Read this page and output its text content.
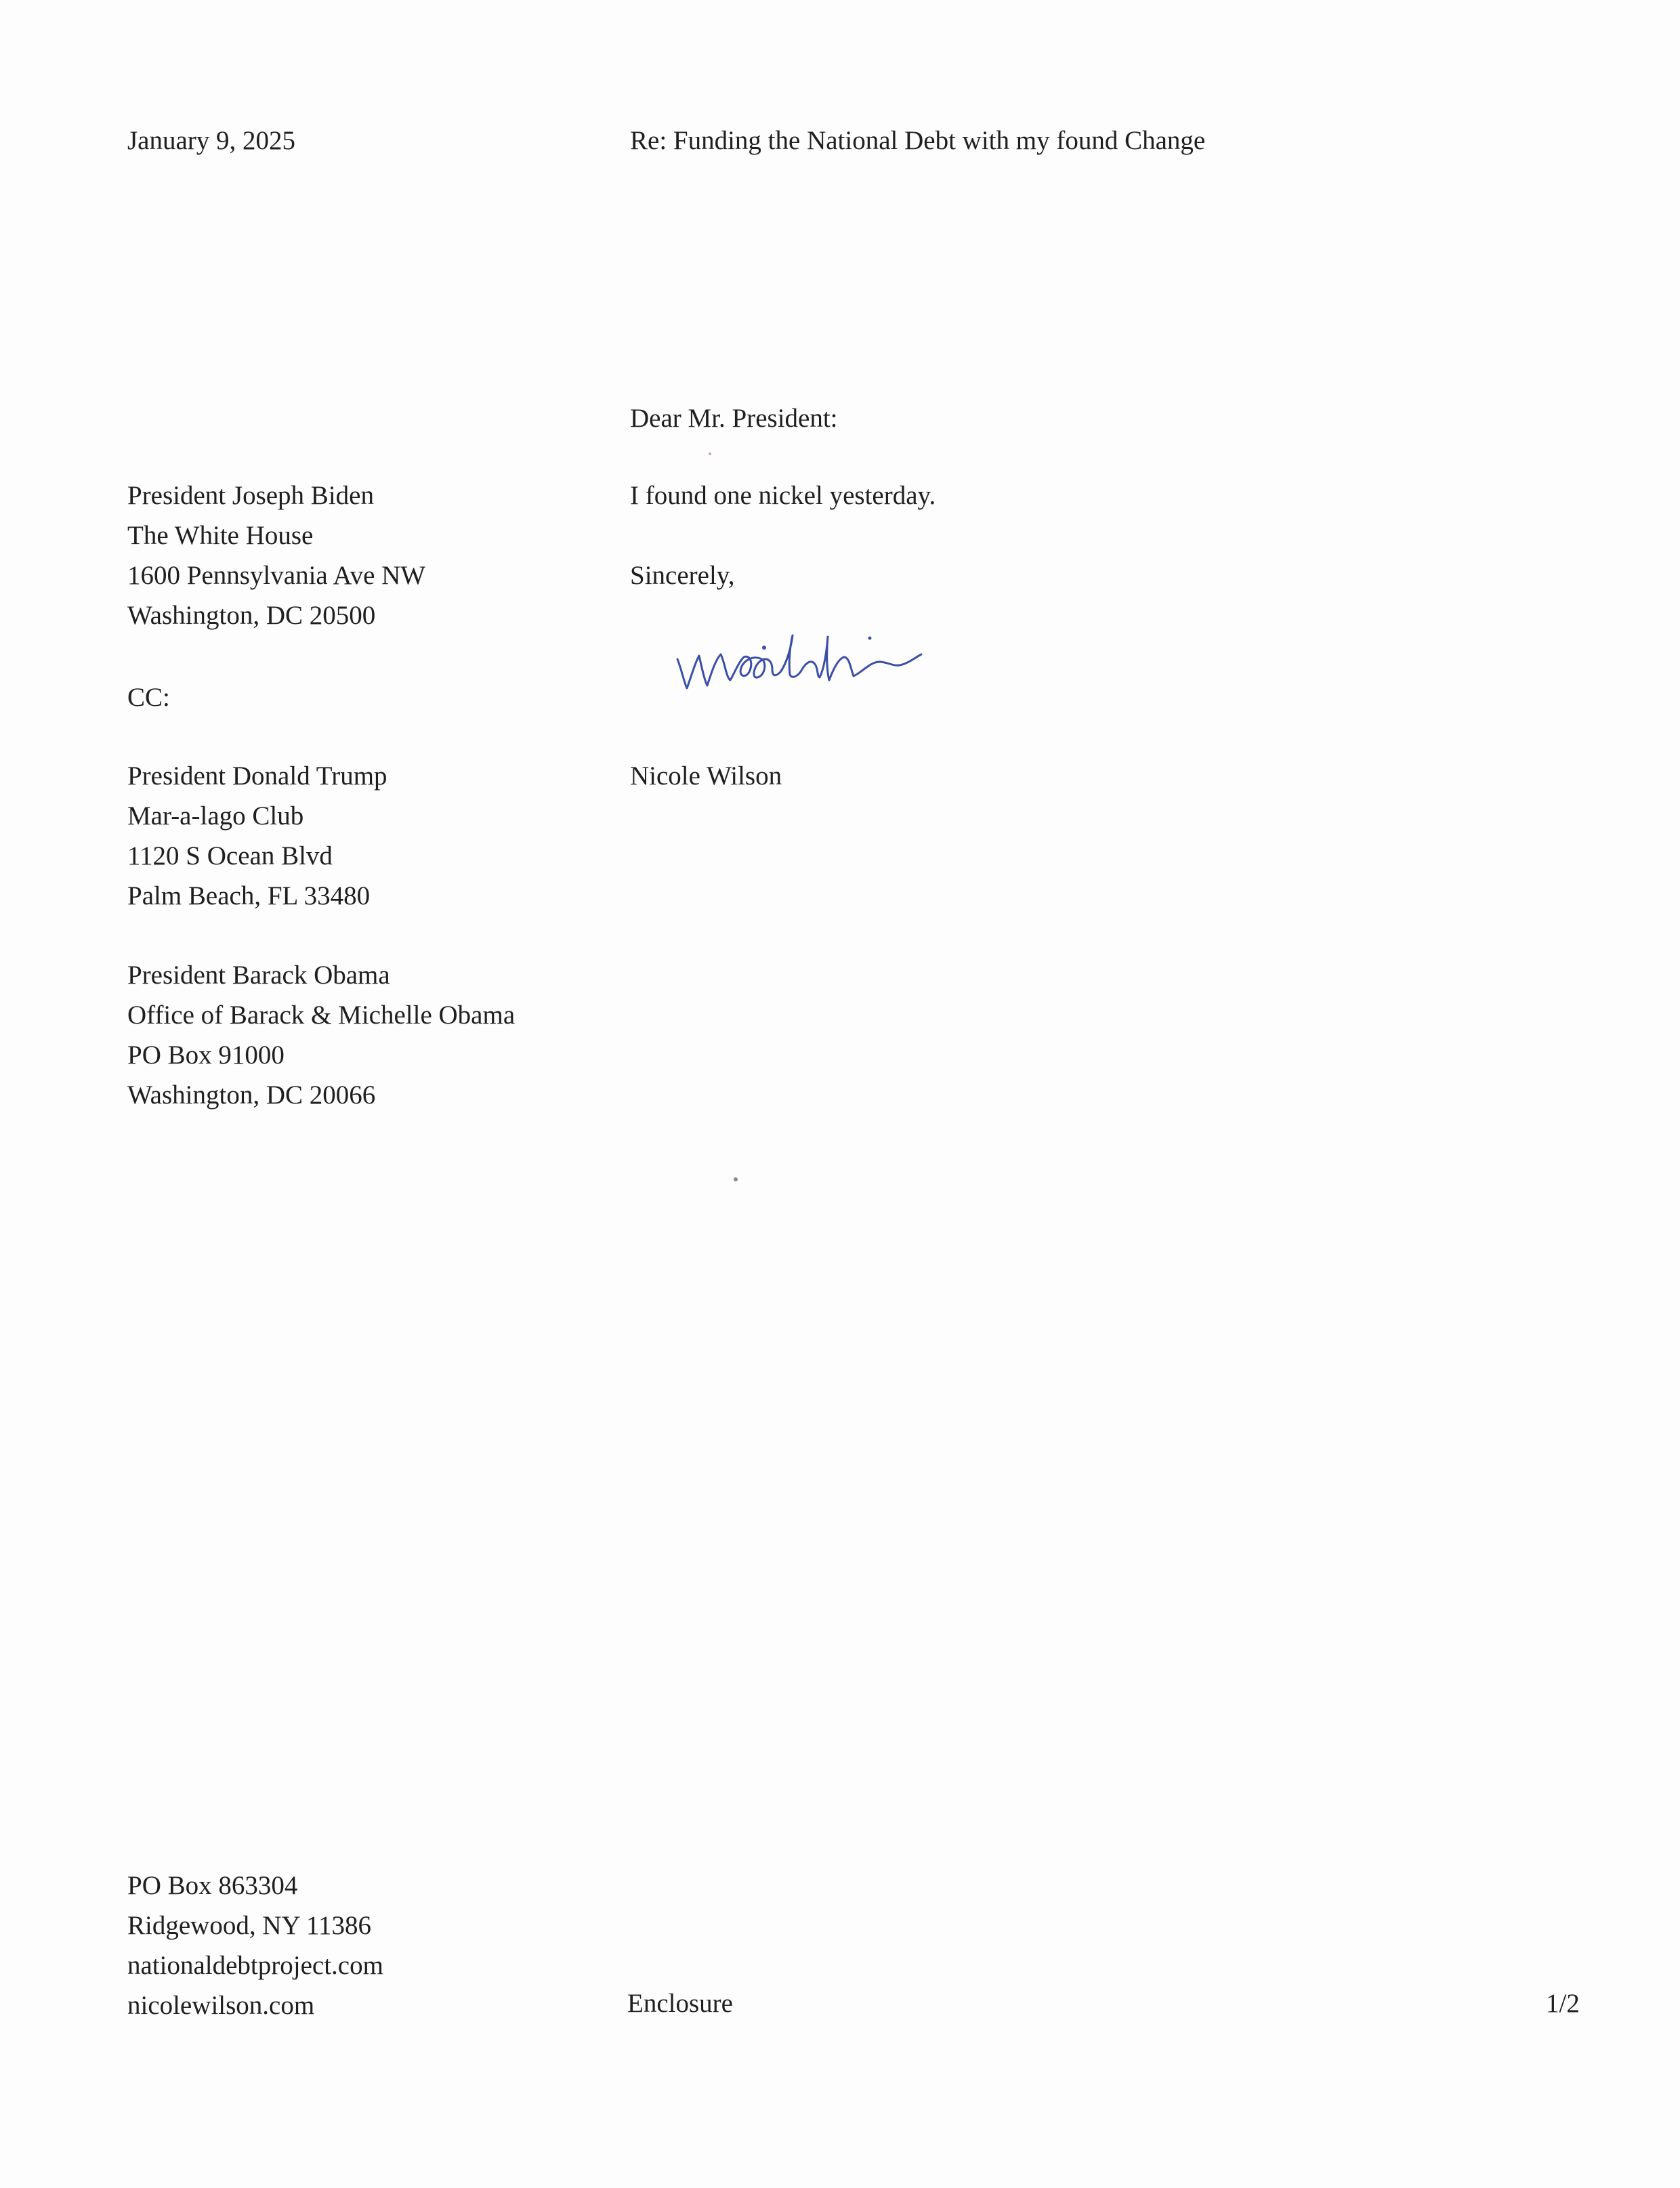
January 9, 2025	Re: Funding the National Debt with my found Change
Dear Mr. President:
President Joseph Biden
The White House
1600 Pennsylvania Ave NW
Washington, DC 20500
I found one nickel yesterday.
Sincerely,
CC:
Nicole Wilson
President Donald Trump
Mar-a-lago Club
1120 S Ocean Blvd
Palm Beach, FL 33480
President Barack Obama
Office of Barack & Michelle Obama
PO Box 91000
Washington, DC 20066
PO Box 863304
Ridgewood, NY 11386
nationaldebtproject.com
nicolewilson.com	Enclosure	1/2
